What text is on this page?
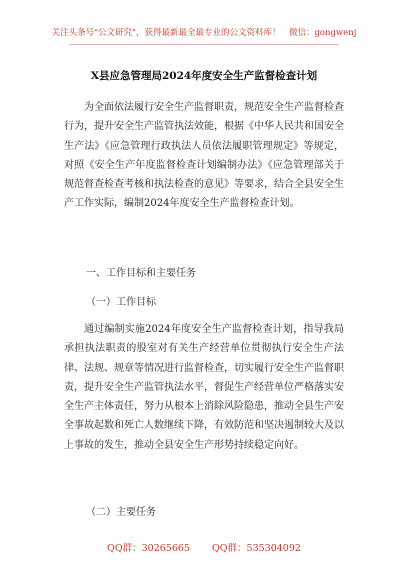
关注头条号"公文研究"，获得最新最全最专业的公文资料库！　微信：gongwenj
X县应急管理局2024年度安全生产监督检查计划

为全面依法履行安全生产监督职责，规范安全生产监督检查行为，提升安全生产监管执法效能，根据《中华人民共和国安全生产法》《应急管理行政执法人员依法履职管理规定》等规定，对照《安全生产年度监督检查计划编制办法》《应急管理部关于规范督查检查考核和执法检查的意见》等要求，结合全县安全生产工作实际，编制2024年度安全生产监督检查计划。

一、工作目标和主要任务
（一）工作目标

通过编制实施2024年度安全生产监督检查计划，指导我局承担执法职责的股室对有关生产经营单位贯彻执行安全生产法律、法规、规章等情况进行监督检查，切实履行安全生产监督职责，提升安全生产监管执法水平，督促生产经营单位严格落实安全生产主体责任，努力从根本上消除风险隐患，推动全县生产安全事故起数和死亡人数继续下降，有效防范和坚决遏制较大及以上事故的发生，推动全县安全生产形势持续稳定向好。

（二）主要任务
QQ群：30265665 QQ群：535304092
